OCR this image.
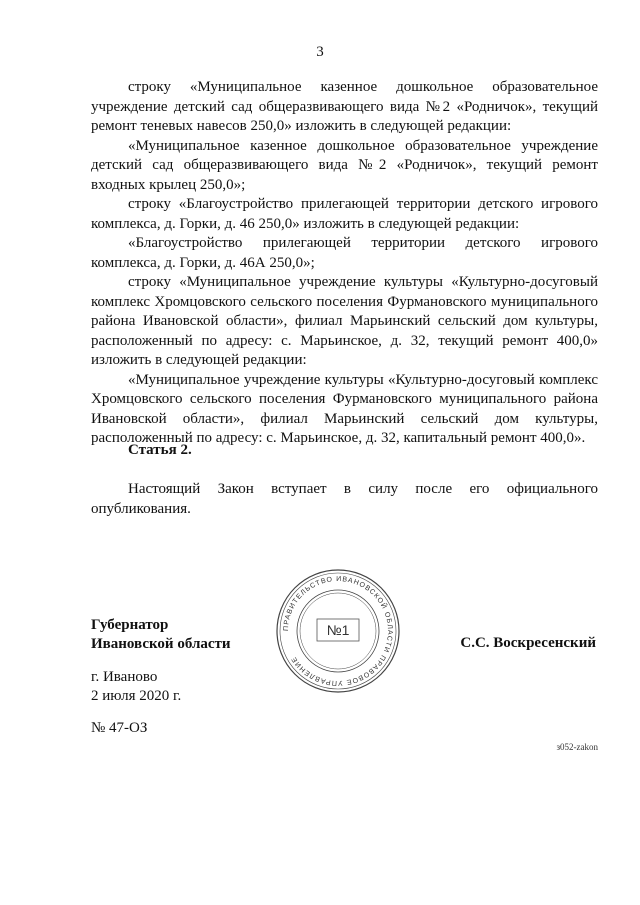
3

строку «Муниципальное казенное дошкольное образовательное учреждение детский сад общеразвивающего вида №2 «Родничок», текущий ремонт теневых навесов 250,0» изложить в следующей редакции:

«Муниципальное казенное дошкольное образовательное учреждение детский сад общеразвивающего вида №2 «Родничок», текущий ремонт входных крылец 250,0»;

строку «Благоустройство прилегающей территории детского игрового комплекса, д. Горки, д. 46 250,0» изложить в следующей редакции:

«Благоустройство прилегающей территории детского игрового комплекса, д. Горки, д. 46А 250,0»;

строку «Муниципальное учреждение культуры «Культурно-досуговый комплекс Хромцовского сельского поселения Фурмановского муниципального района Ивановской области», филиал Марьинский сельский дом культуры, расположенный по адресу: с. Марьинское, д. 32, текущий ремонт 400,0» изложить в следующей редакции:

«Муниципальное учреждение культуры «Культурно-досуговый комплекс Хромцовского сельского поселения Фурмановского муниципального района Ивановской области», филиал Марьинский сельский дом культуры, расположенный по адресу: с. Марьинское, д. 32, капитальный ремонт 400,0».

Статья 2.
Настоящий Закон вступает в силу после его официального опубликования.
Губернатор
Ивановской области
ПРАВИТЕЛЬСТВО ИВАНОВСКОЙ ОБЛАСТИ ПРАВОВОЕ УПРАВЛЕНИЕ
№1
С.С. Воскресенский
г. Иваново
2 июля 2020 г.
№ 47-ОЗ
з052-zakon
